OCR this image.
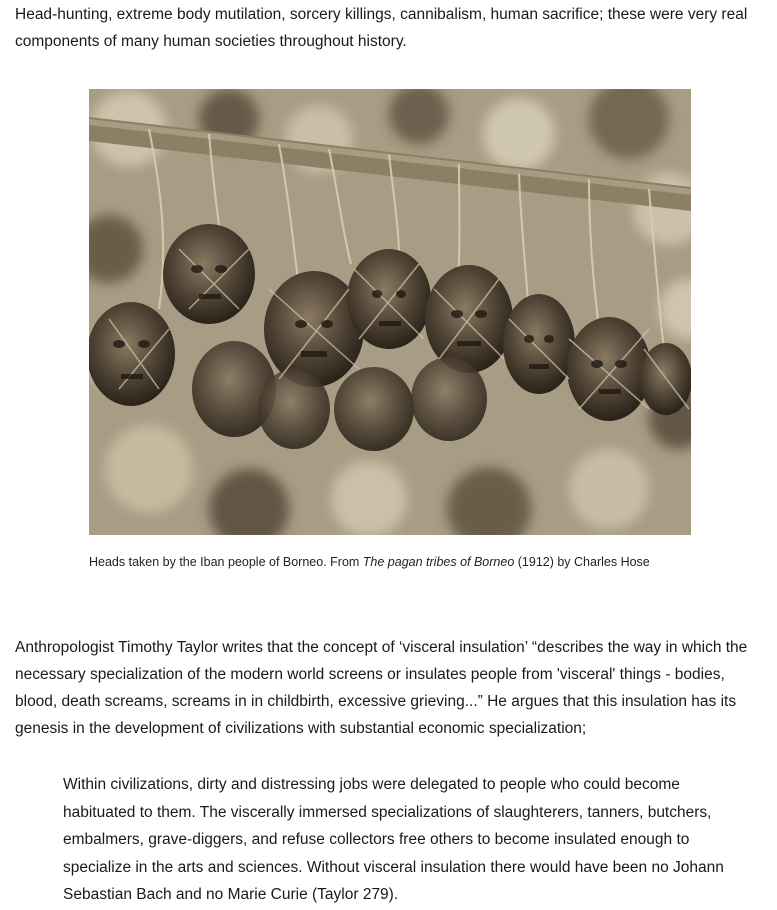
Head-hunting, extreme body mutilation, sorcery killings, cannibalism, human sacrifice; these were very real components of many human societies throughout history.

Heads taken by the Iban people of Borneo. From The pagan tribes of Borneo (1912) by Charles Hose

Anthropologist Timothy Taylor writes that the concept of ‘visceral insulation’ “describes the way in which the necessary specialization of the modern world screens or insulates people from 'visceral' things - bodies, blood, death screams, screams in in childbirth, excessive grieving...” He argues that this insulation has its genesis in the development of civilizations with substantial economic specialization;

Within civilizations, dirty and distressing jobs were delegated to people who could become habituated to them. The viscerally immersed specializations of slaughterers, tanners, butchers, embalmers, grave-diggers, and refuse collectors free others to become insulated enough to specialize in the arts and sciences. Without visceral insulation there would have been no Johann Sebastian Bach and no Marie Curie (Taylor 279).
